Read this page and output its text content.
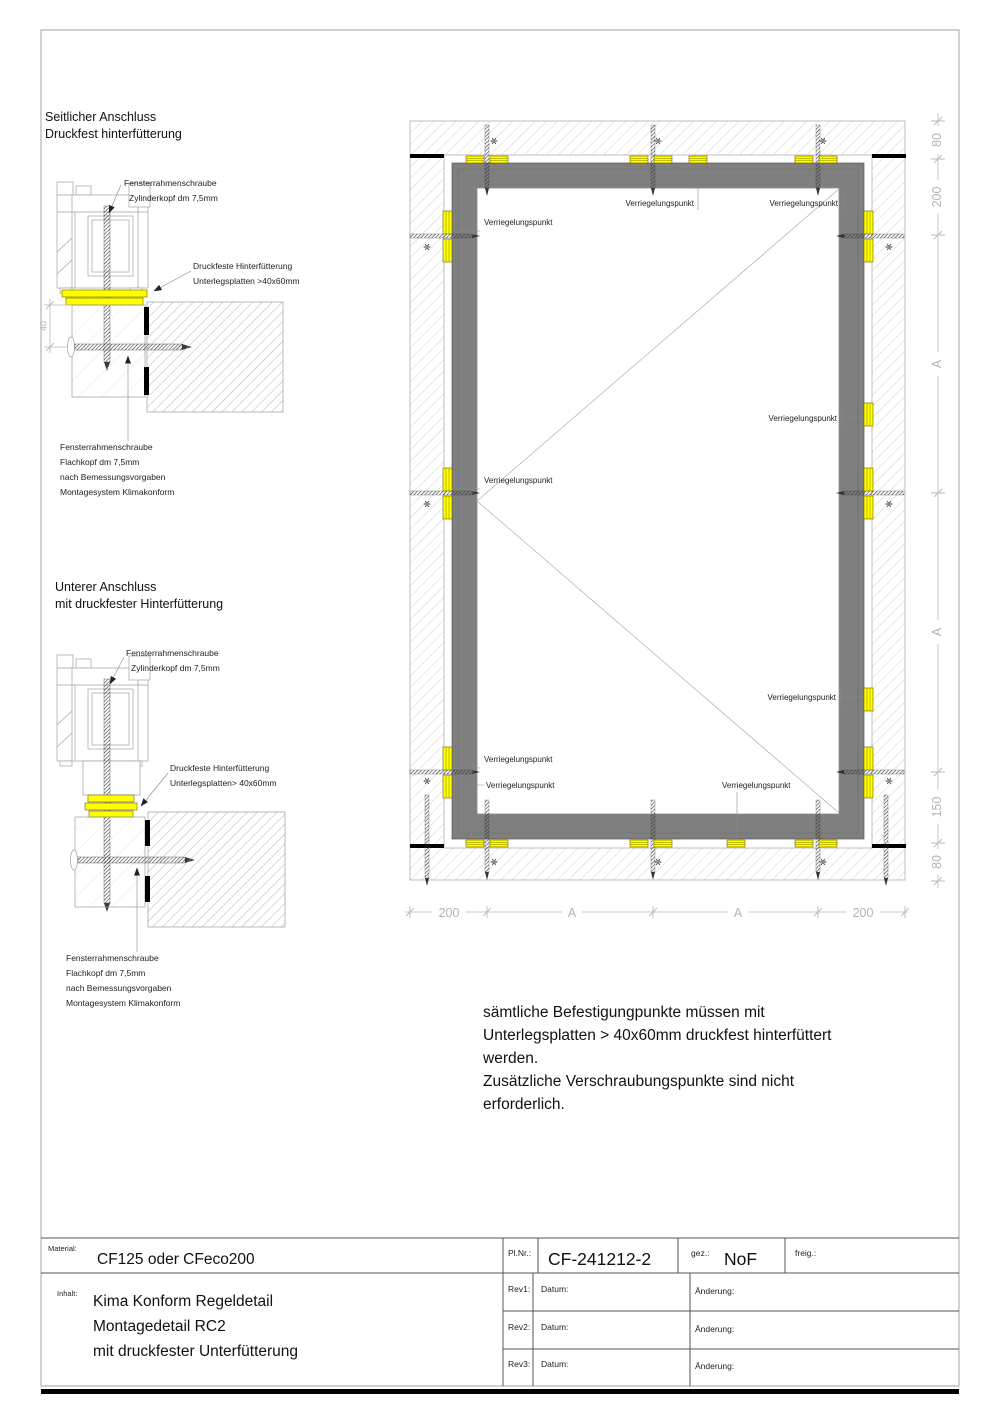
Seitlicher Anschluss
Druckfest hinterfütterung
40
Fensterrahmenschraube
Zylinderkopf dm 7,5mm
Druckfeste Hinterfütterung
Unterlegsplatten >40x60mm
Fensterrahmenschraube
Flachkopf dm 7,5mm
nach Bemessungsvorgaben
Montagesystem Klimakonform
Unterer Anschluss
mit druckfester Hinterfütterung
Fensterrahmenschraube
Zylinderkopf dm 7,5mm
Druckfeste Hinterfütterung
Unterlegsplatten> 40x60mm
Fensterrahmenschraube
Flachkopf dm 7,5mm
nach Bemessungsvorgaben
Montagesystem Klimakonform
Verriegelungspunkt	Verriegelungspunkt
Verriegelungspunkt
Verriegelungspunkt
Verriegelungspunkt
Verriegelungspunkt
Verriegelungspunkt
Verriegelungspunkt	Verriegelungspunkt
80
200
A
A
150
80
200	A	A	200
sämtliche Befestigungpunkte müssen mit
Unterlegsplatten > 40x60mm druckfest hinterfüttert
werden.
Zusätzliche Verschraubungspunkte sind nicht
erforderlich.
Material:
CF125 oder CFeco200
Inhalt: Kima Konform Regeldetail
Montagedetail RC2
mit druckfester Unterfütterung
Pl.Nr.: CF-241212-2	gez.: NoF	freig.:
Rev1: Datum:	Änderung:
Rev2: Datum:	Änderung:
Rev3: Datum:	Änderung:
